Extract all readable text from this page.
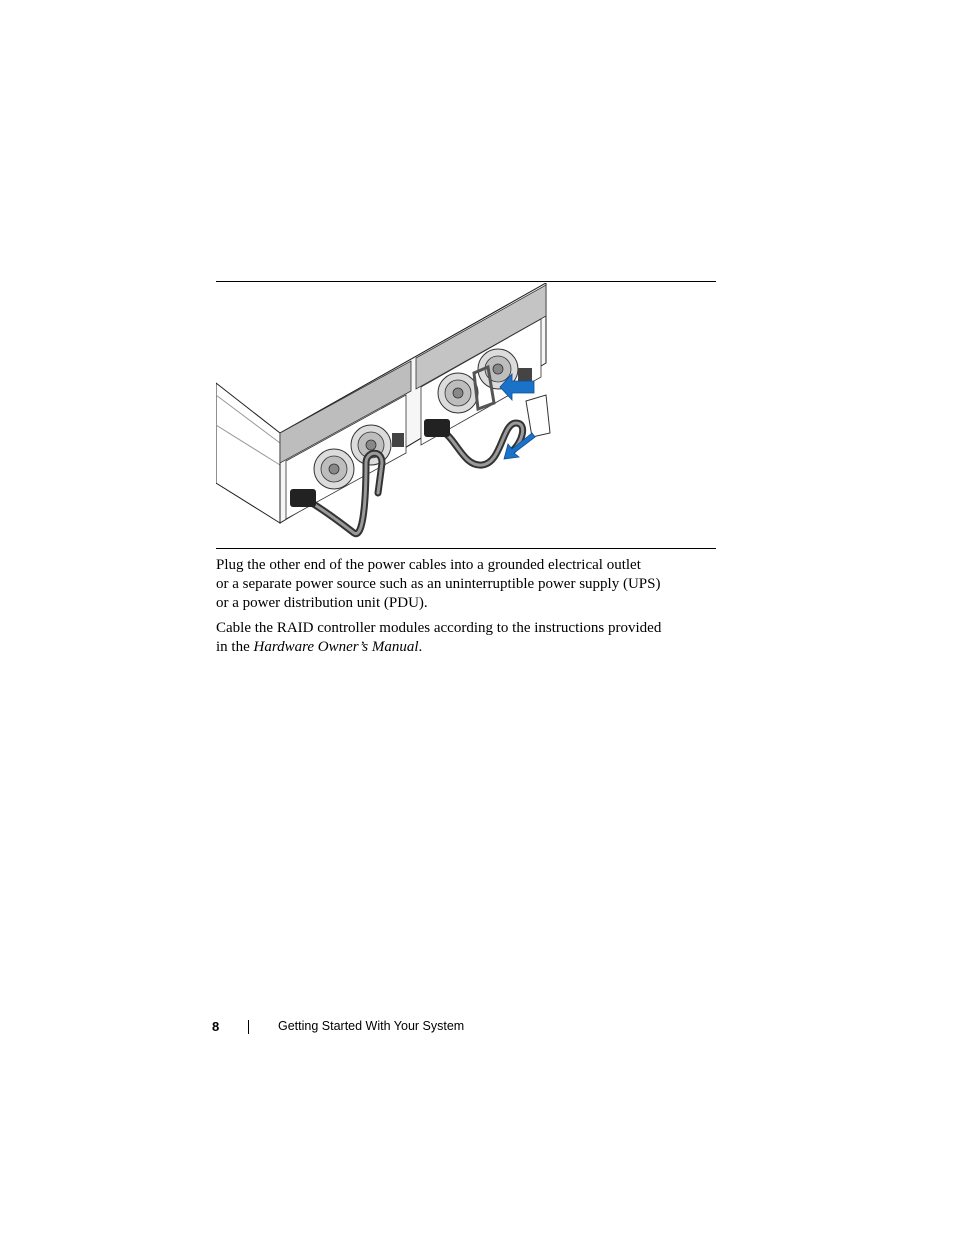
Plug the other end of the power cables into a grounded electrical outlet
or a separate power source such as an uninterruptible power supply (UPS)
or a power distribution unit (PDU).

Cable the RAID controller modules according to the instructions provided
in the Hardware Owner’s Manual.

8	Getting Started With Your System
